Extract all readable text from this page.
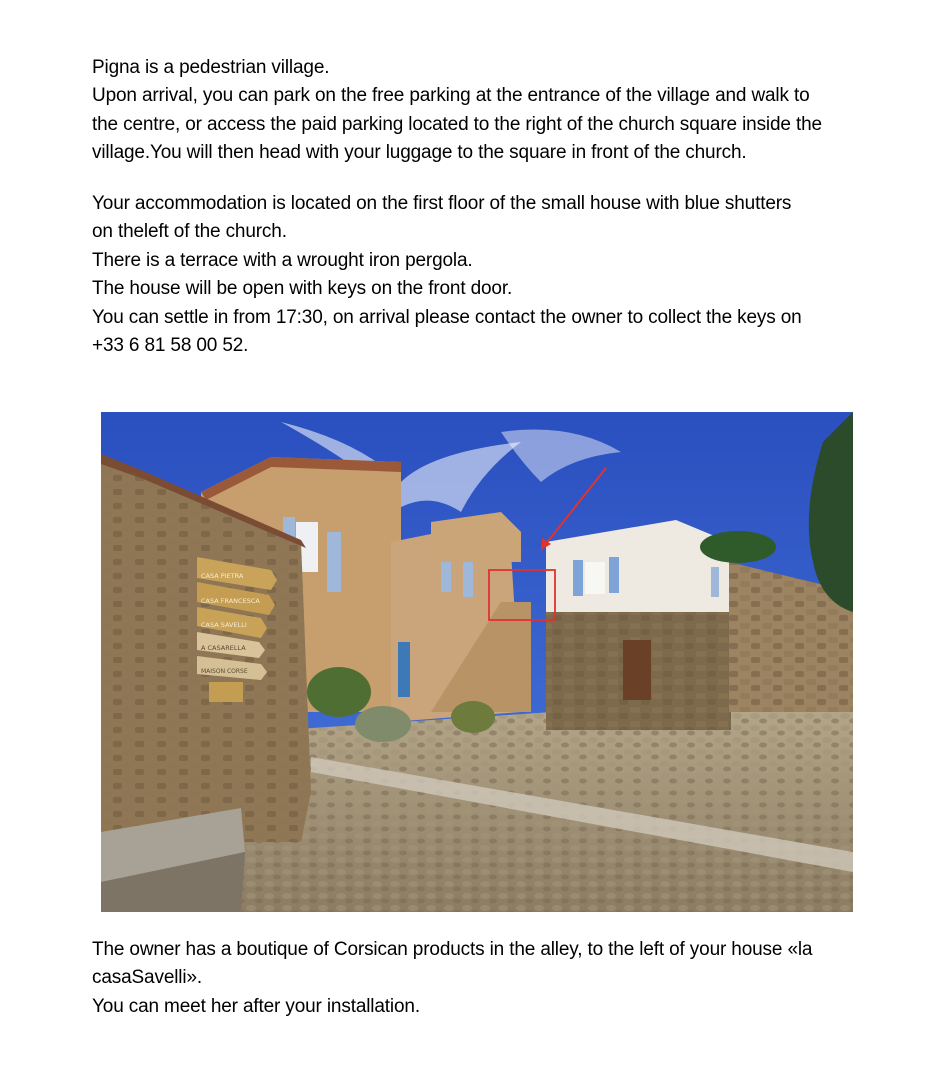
Pigna is a pedestrian village.
Upon arrival, you can park on the free parking at the entrance of the village and walk to
the centre, or access the paid parking located to the right of the church square inside the
village.You will then head with your luggage to the square in front of the church.
Your accommodation is located on the first floor of the small house with blue shutters
on theleft of the church.
There is a terrace with a wrought iron pergola.
The house will be open with keys on the front door.
You can settle in from 17:30, on arrival please contact the owner to collect the keys on
+33 6 81 58 00 52.
CASA PIETRA
CASA FRANCESCA
CASA SAVELLI
A CASARELLA
MAISON CORSE
The owner has a boutique of Corsican products in the alley, to the left of your house «la
casaSavelli».
You can meet her after your installation.
